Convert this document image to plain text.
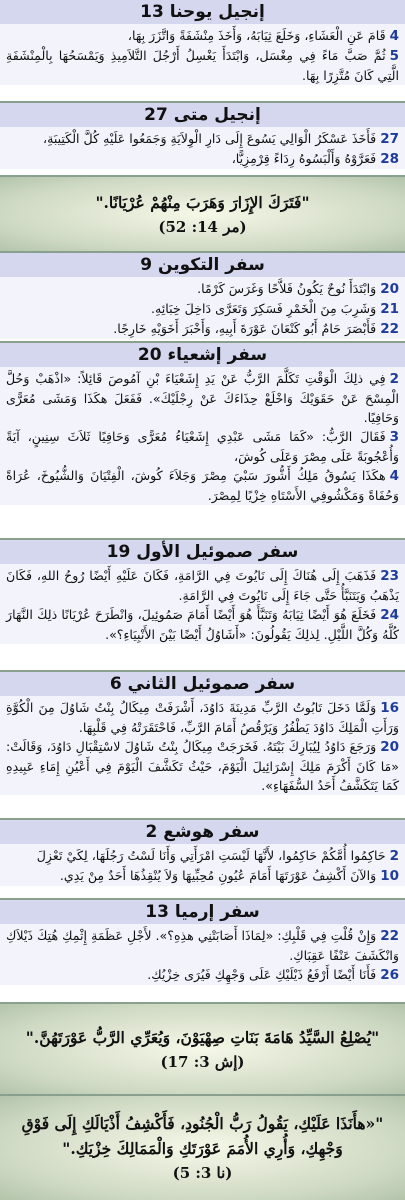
إنجيل يوحنا 13

4قَامَ عَنِ الْعَشَاءِ، وَخَلَعَ ثِيَابَهُ، وَأَخَذَ مِنْشَفَةً وَاتَّزَرَ بِهَا،

5ثُمَّ صَبَّ مَاءً فِي مِغْسَل، وَابْتَدَأَ يَغْسِلُ أَرْجُلَ التَّلاَمِيذِ وَيَمْسَحُهَا بِالْمِنْشَفَةِ الَّتِي كَانَ مُتَّزِرًا بِهَا.

إنجيل متى 27

27فَأَخَذَ عَسْكَرُ الْوَالِي يَسُوعَ إِلَى دَارِ الْوِلاَيَةِ وَجَمَعُوا عَلَيْهِ كُلَّ الْكَتِيبَةِ،

28فَعَرَّوْهُ وَأَلْبَسُوهُ رِدَاءً قِرْمِزِيًّا،

"فَتَرَكَ الإِزَارَ وَهَرَبَ مِنْهُمْ عُرْيَانًا."
(مر 14: 52)
سفر التكوين 9

20وَابْتَدَأَ نُوحٌ يَكُونُ فَلاَّحًا وَغَرَسَ كَرْمًا.

21وَشَرِبَ مِنَ الْخَمْرِ فَسَكِرَ وَتَعَرَّى دَاخِلَ خِبَائِهِ.

22فَأَبْصَرَ حَامٌ أَبُو كَنْعَانَ عَوْرَةَ أَبِيهِ، وَأَخْبَرَ أَخَوَيْهِ خَارِجًا.

سفر إشعياء 20

2فِي ذلِكَ الْوَقْتِ تَكَلَّمَ الرَّبُّ عَنْ يَدِ إِشَعْيَاءَ بْنِ آمُوصَ قَائِلاً: «اذْهَبْ وَحُلَّ الْمِسْحَ عَنْ حَقَوَيْكَ وَاخْلَعْ حِذَاءَكَ عَنْ رِجْلَيْكَ». فَفَعَلَ هكَذَا وَمَشَى مُعَرًّى وَحَافِيًا.

3فَقَالَ الرَّبُّ: «كَمَا مَشَى عَبْدِي إِشَعْيَاءُ مُعَرًّى وَحَافِيًا ثَلاَثَ سِنِينٍ، آيَةً وَأُعْجُوبَةً عَلَى مِصْرَ وَعَلَى كُوشَ،

4هكَذَا يَسُوقُ مَلِكُ أَشُّورَ سَبْيَ مِصْرَ وَجَلاَءَ كُوشَ، الْفِتْيَانَ وَالشُّيُوخَ، عُرَاةً وَحُفَاةً وَمَكْشُوفِي الأَسْتَاهِ خِزْيًا لِمِصْرَ.

سفر صموئيل الأول 19

23فَذَهَبَ إِلَى هُنَاكَ إِلَى نَايُوتَ فِي الرَّامَةِ، فَكَانَ عَلَيْهِ أَيْضًا رُوحُ اللهِ، فَكَانَ يَذْهَبُ وَيَتَنَبَّأُ حَتَّى جَاءَ إِلَى نَايُوتَ فِي الرَّامَةِ.

24فَخَلَعَ هُوَ أَيْضًا ثِيَابَهُ وَتَنَبَّأَ هُوَ أَيْضًا أَمَامَ صَمُوئِيلَ، وَانْطَرَحَ عُرْيَانًا ذلِكَ النَّهَارَ كُلَّهُ وَكُلَّ اللَّيْلِ. لِذلِكَ يَقُولُونَ: «أَشَاوُلُ أَيْضًا بَيْنَ الأَنْبِيَاءِ؟».

سفر صموئيل الثاني 6

16وَلَمَّا دَخَلَ تَابُوتُ الرَّبِّ مَدِينَةَ دَاوُدَ، أَشْرَفَتْ مِيكَالُ بِنْتُ شَاوُلَ مِنَ الْكُوَّةِ وَرَأَتِ الْمَلِكَ دَاوُدَ يَطْفُرُ وَيَرْقُصُ أَمَامَ الرَّبِّ، فَاحْتَقَرَتْهُ فِي قَلْبِهَا.

20وَرَجَعَ دَاوُدُ لِيُبَارِكَ بَيْتَهُ. فَخَرَجَتْ مِيكَالُ بِنْتُ شَاوُلَ لاسْتِقْبَالِ دَاوُدَ، وَقَالَتْ: «مَا كَانَ أَكْرَمَ مَلِكَ إِسْرَائِيلَ الْيَوْمَ، حَيْثُ تَكَشَّفَ الْيَوْمَ فِي أَعْيُنِ إِمَاءِ عَبِيدِهِ كَمَا يَتَكَشَّفُ أَحَدُ السُّفَهَاءِ».

سفر هوشع 2

2حَاكِمُوا أُمَّكُمْ حَاكِمُوا، لأَنَّهَا لَيْسَتِ امْرَأَتِي وَأَنَا لَسْتُ رَجُلَهَا، لِكَيْ تَعْزِلَ

10وَالآنَ أَكْشِفُ عَوْرَتَهَا أَمَامَ عُيُونِ مُحِبِّيهَا وَلاَ يُنْقِذُهَا أَحَدٌ مِنْ يَدِي.

سفر إرميا 13

22وَإِنْ قُلْتِ فِي قَلْبِكِ: «لِمَاذَا أَصَابَتْنِي هذِهِ؟». لأَجْلِ عَظَمَةِ إِثْمِكِ هُتِكَ ذَيْلاَكِ وَانْكَشَفَ عَنْفًا عَقِبَاكِ.

26فَأَنَا أَيْضًا أَرْفَعُ ذَيْلَيْكِ عَلَى وَجْهِكِ فَيُرَى خِزْيُكِ.

"يُصْلِعُ السَّيِّدُ هَامَةَ بَنَاتِ صِهْيَوْنَ، وَيُعَرِّي الرَّبُّ عَوْرَتَهُنَّ."
(إش 3: 17)
"«هأَنَذَا عَلَيْكِ، يَقُولُ رَبُّ الْجُنُودِ، فَأَكْشِفُ أَذْيَالَكِ إِلَى فَوْقِ وَجْهِكِ، وَأُرِي الأُمَمَ عَوْرَتَكِ وَالْمَمَالِكَ خِزْيَكِ."
(نا 3: 5)
